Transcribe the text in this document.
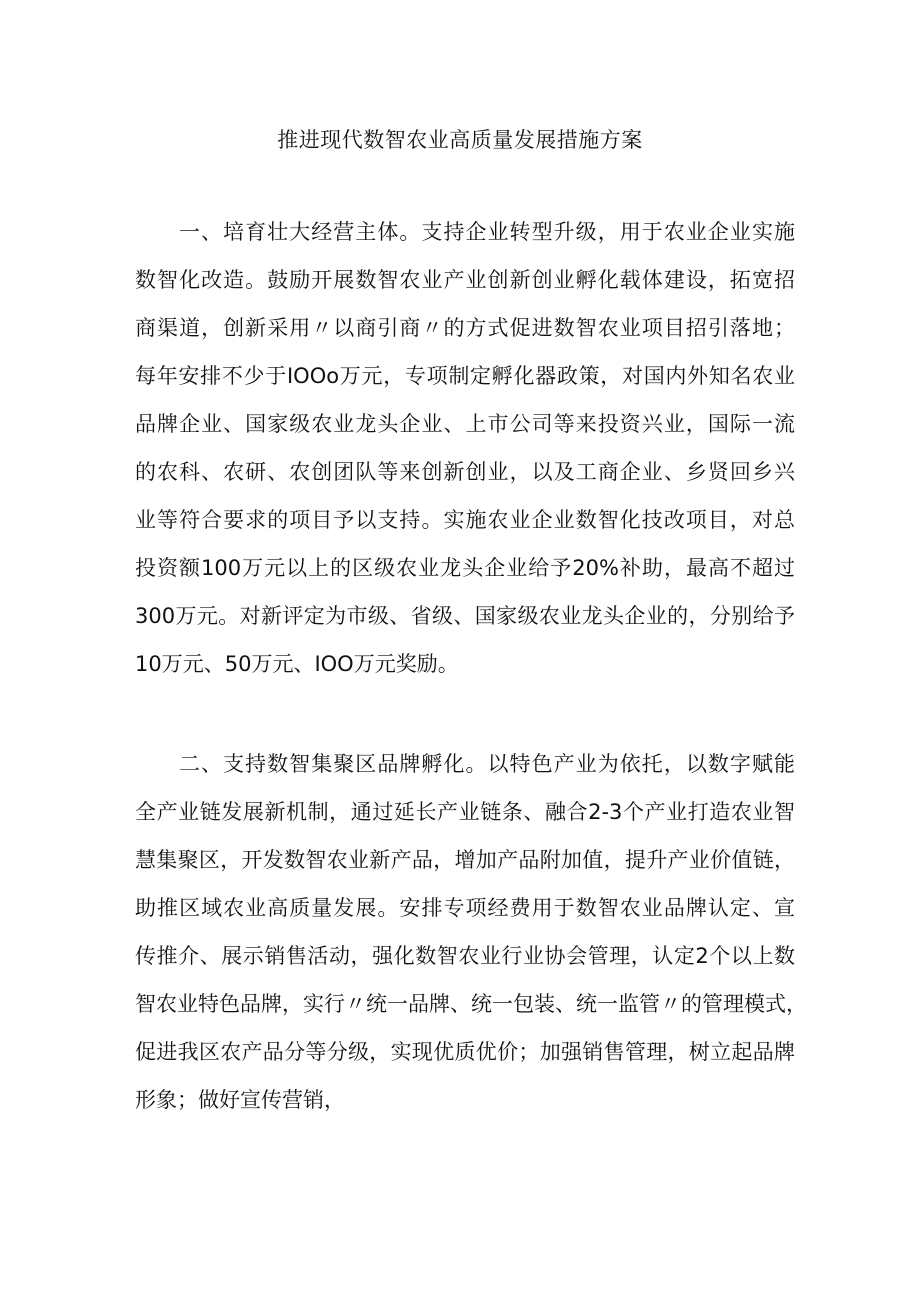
推进现代数智农业高质量发展措施方案
一、培育壮大经营主体。支持企业转型升级，用于农业企业实施
数智化改造。鼓励开展数智农业产业创新创业孵化载体建设，拓宽招
商渠道，创新采用〃以商引商〃的方式促进数智农业项目招引落地；
每年安排不少于IOOo万元，专项制定孵化器政策，对国内外知名农业
品牌企业、国家级农业龙头企业、上市公司等来投资兴业，国际一流
的农科、农研、农创团队等来创新创业，以及工商企业、乡贤回乡兴
业等符合要求的项目予以支持。实施农业企业数智化技改项目，对总
投资额100万元以上的区级农业龙头企业给予20%补助，最高不超过
300万元。对新评定为市级、省级、国家级农业龙头企业的，分别给予
10万元、50万元、IOO万元奖励。
二、支持数智集聚区品牌孵化。以特色产业为依托，以数字赋能
全产业链发展新机制，通过延长产业链条、融合2-3个产业打造农业智
慧集聚区，开发数智农业新产品，增加产品附加值，提升产业价值链，
助推区域农业高质量发展。安排专项经费用于数智农业品牌认定、宣
传推介、展示销售活动，强化数智农业行业协会管理，认定2个以上数
智农业特色品牌，实行〃统一品牌、统一包装、统一监管〃的管理模式，
促进我区农产品分等分级，实现优质优价；加强销售管理，树立起品牌
形象；做好宣传营销，
